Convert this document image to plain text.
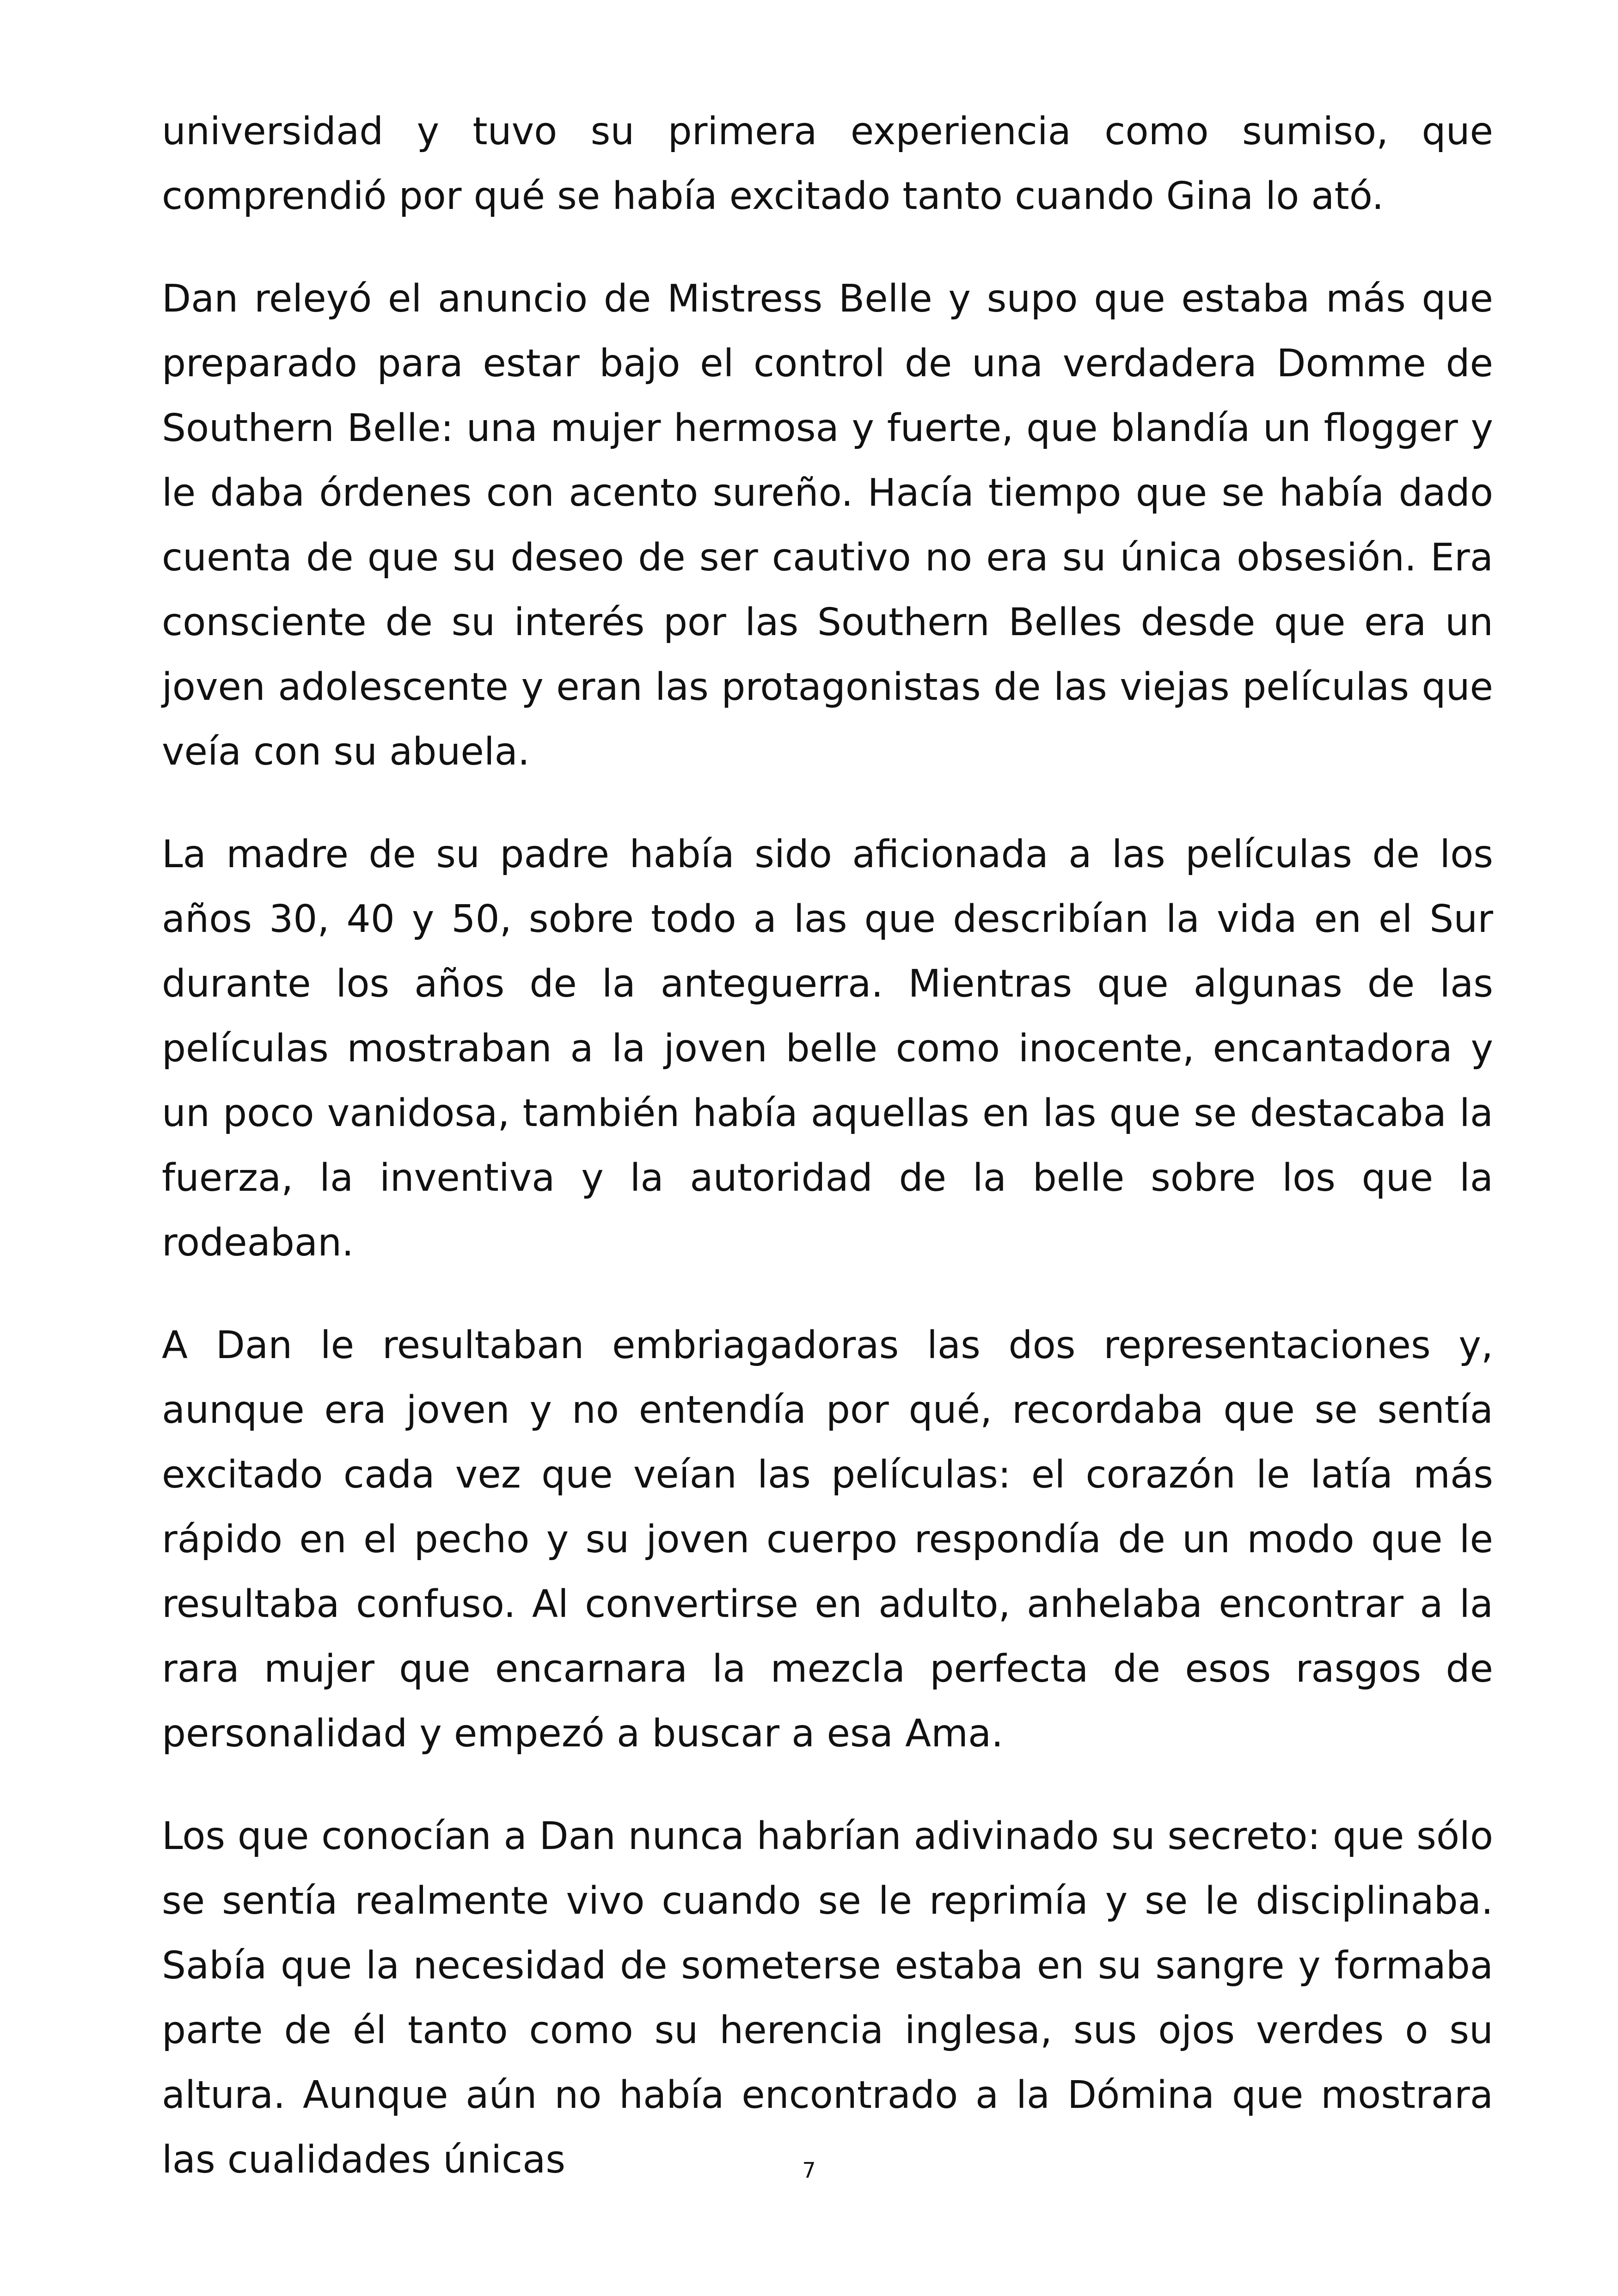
universidad y tuvo su primera experiencia como sumiso, que comprendió por qué se había excitado tanto cuando Gina lo ató.

Dan releyó el anuncio de Mistress Belle y supo que estaba más que preparado para estar bajo el control de una verdadera Domme de Southern Belle: una mujer hermosa y fuerte, que blandía un flogger y le daba órdenes con acento sureño. Hacía tiempo que se había dado cuenta de que su deseo de ser cautivo no era su única obsesión. Era consciente de su interés por las Southern Belles desde que era un joven adolescente y eran las protagonistas de las viejas películas que veía con su abuela.

La madre de su padre había sido aficionada a las películas de los años 30, 40 y 50, sobre todo a las que describían la vida en el Sur durante los años de la anteguerra. Mientras que algunas de las películas mostraban a la joven belle como inocente, encantadora y un poco vanidosa, también había aquellas en las que se destacaba la fuerza, la inventiva y la autoridad de la belle sobre los que la rodeaban.

A Dan le resultaban embriagadoras las dos representaciones y, aunque era joven y no entendía por qué, recordaba que se sentía excitado cada vez que veían las películas: el corazón le latía más rápido en el pecho y su joven cuerpo respondía de un modo que le resultaba confuso. Al convertirse en adulto, anhelaba encontrar a la rara mujer que encarnara la mezcla perfecta de esos rasgos de personalidad y empezó a buscar a esa Ama.

Los que conocían a Dan nunca habrían adivinado su secreto: que sólo se sentía realmente vivo cuando se le reprimía y se le disciplinaba. Sabía que la necesidad de someterse estaba en su sangre y formaba parte de él tanto como su herencia inglesa, sus ojos verdes o su altura. Aunque aún no había encontrado a la Dómina que mostrara las cualidades únicas	7
